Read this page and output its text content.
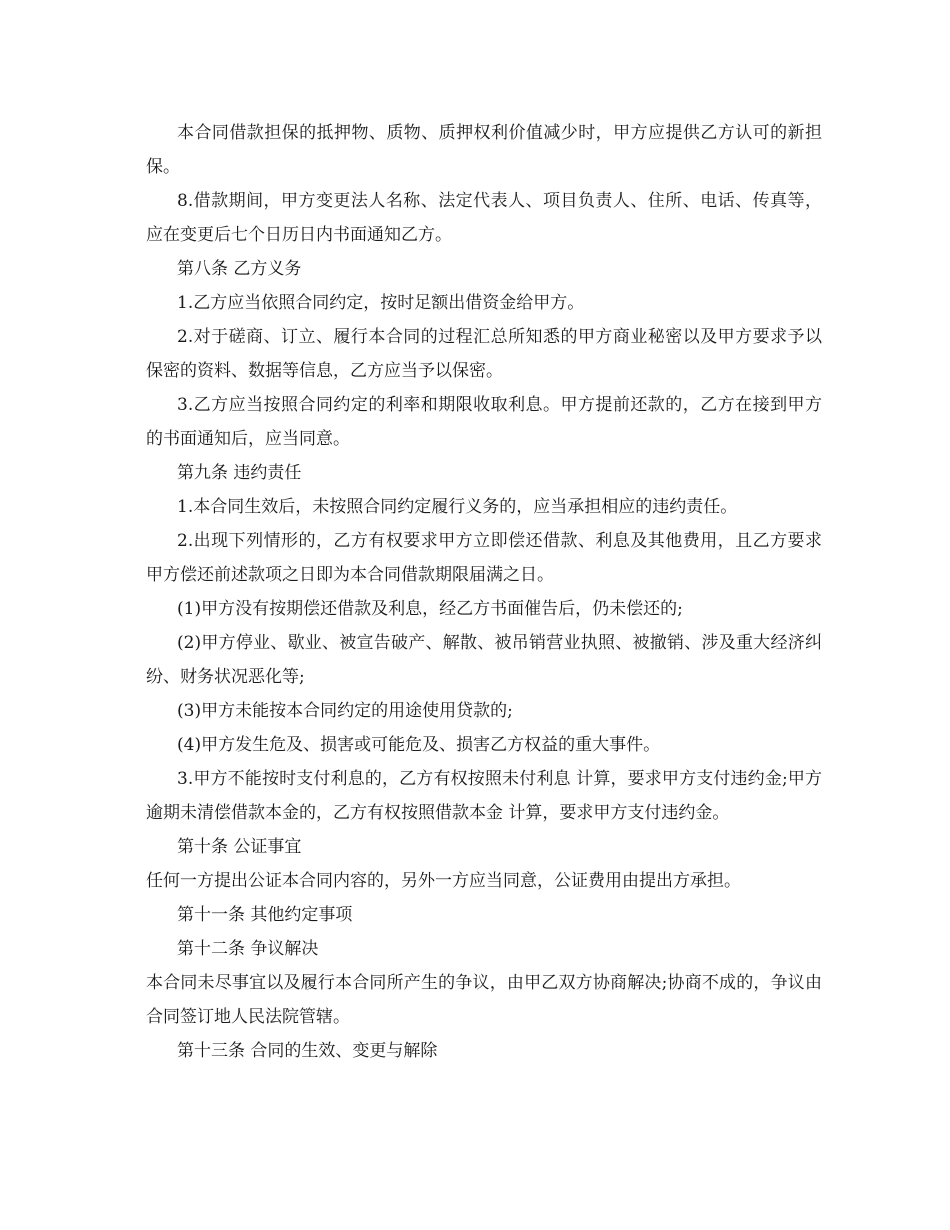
本合同借款担保的抵押物、质物、质押权利价值减少时，甲方应提供乙方认可的新担保。

8.借款期间，甲方变更法人名称、法定代表人、项目负责人、住所、电话、传真等，应在变更后七个日历日内书面通知乙方。

第八条 乙方义务

1.乙方应当依照合同约定，按时足额出借资金给甲方。

2.对于磋商、订立、履行本合同的过程汇总所知悉的甲方商业秘密以及甲方要求予以保密的资料、数据等信息，乙方应当予以保密。

3.乙方应当按照合同约定的利率和期限收取利息。甲方提前还款的，乙方在接到甲方的书面通知后，应当同意。

第九条 违约责任

1.本合同生效后，未按照合同约定履行义务的，应当承担相应的违约责任。

2.出现下列情形的，乙方有权要求甲方立即偿还借款、利息及其他费用，且乙方要求甲方偿还前述款项之日即为本合同借款期限届满之日。

(1)甲方没有按期偿还借款及利息，经乙方书面催告后，仍未偿还的;

(2)甲方停业、歇业、被宣告破产、解散、被吊销营业执照、被撤销、涉及重大经济纠纷、财务状况恶化等;

(3)甲方未能按本合同约定的用途使用贷款的;

(4)甲方发生危及、损害或可能危及、损害乙方权益的重大事件。

3.甲方不能按时支付利息的，乙方有权按照未付利息 计算，要求甲方支付违约金;甲方逾期未清偿借款本金的，乙方有权按照借款本金 计算，要求甲方支付违约金。

第十条 公证事宜

任何一方提出公证本合同内容的，另外一方应当同意，公证费用由提出方承担。

第十一条 其他约定事项

第十二条 争议解决

本合同未尽事宜以及履行本合同所产生的争议，由甲乙双方协商解决;协商不成的，争议由合同签订地人民法院管辖。

第十三条 合同的生效、变更与解除
